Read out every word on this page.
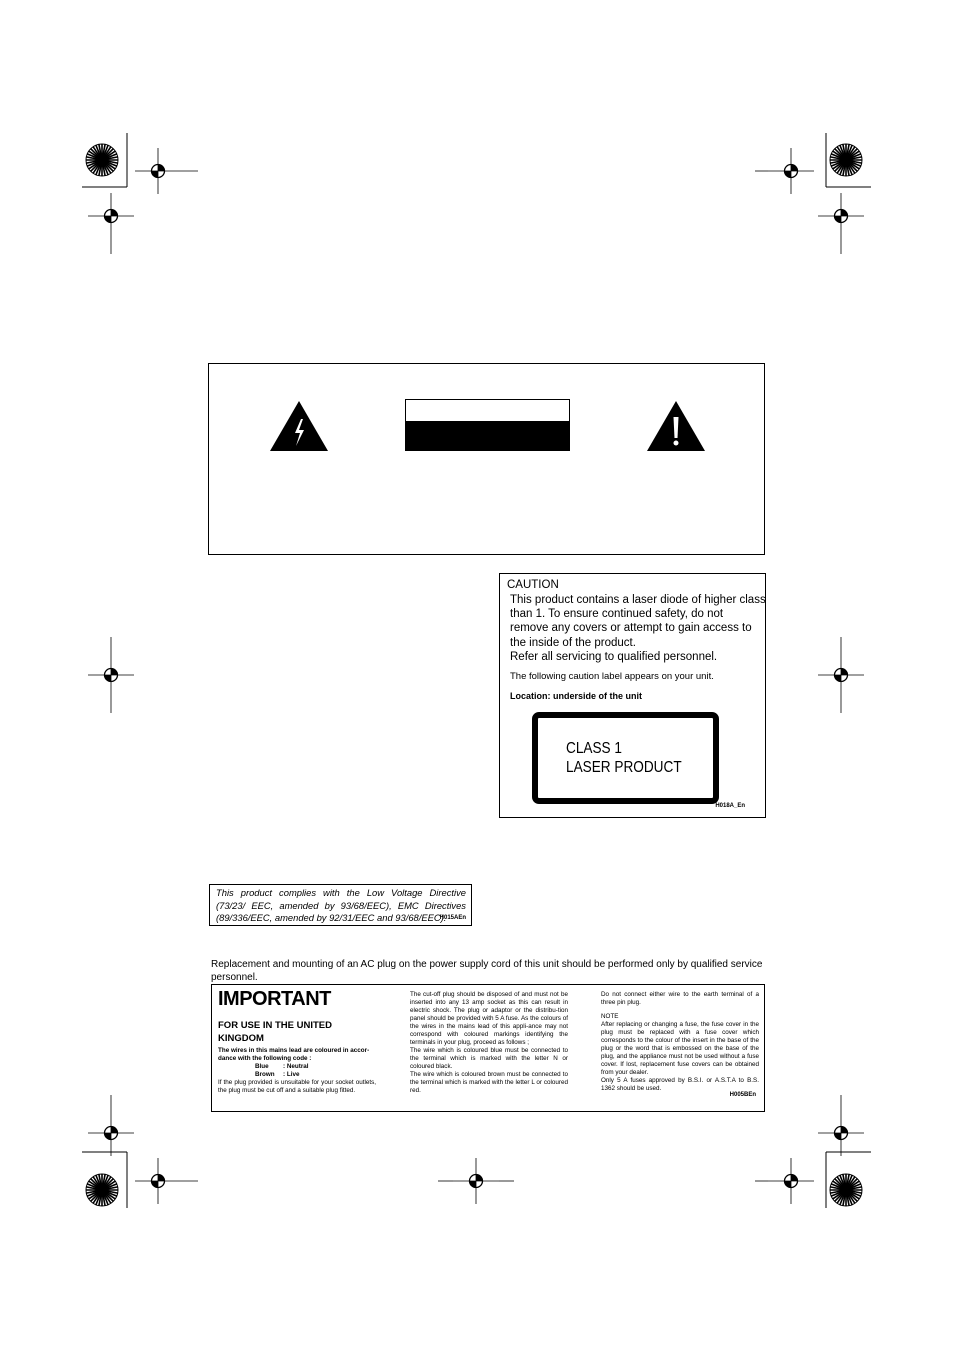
CAUTION
This product contains a laser diode of higher class
than 1. To ensure continued safety, do not
remove any covers or attempt to gain access to
the inside of the product.
Refer all servicing to qualified personnel.
The following caution label appears on your unit.
Location: underside of the unit
CLASS 1
LASER PRODUCT
H018A_En
This product complies with the Low Voltage Directive (73/23/ EEC, amended by 93/68/EEC), EMC Directives (89/336/EEC, amended by 92/31/EEC and 93/68/EEC).
H015AEn
Replacement and mounting of an AC plug on the power supply cord of this unit should be performed only by qualified service personnel.
IMPORTANT
FOR USE IN THE UNITED KINGDOM
The wires in this mains lead are coloured in accor-dance with the following code :
Blue	: Neutral
Brown	: Live
If the plug provided is unsuitable for your socket outlets, the plug must be cut off and a suitable plug fitted.
The cut-off plug should be disposed of and must not be inserted into any 13 amp socket as this can result in electric shock. The plug or adaptor or the distribu-tion panel should be provided with 5 A fuse. As the colours of the wires in the mains lead of this appli-ance may not correspond with coloured markings identifying the terminals in your plug, proceed as follows ;
The wire which is coloured blue must be connected to the terminal which is marked with the letter N or coloured black.
The wire which is coloured brown must be connected to the terminal which is marked with the letter L or coloured red.
Do not connect either wire to the earth terminal of a three pin plug.
NOTE
After replacing or changing a fuse, the fuse cover in the plug must be replaced with a fuse cover which corresponds to the colour of the insert in the base of the plug or the word that is embossed on the base of the plug, and the appliance must not be used without a fuse cover. If lost, replacement fuse covers can be obtained from your dealer.
Only 5 A fuses approved by B.S.I. or A.S.T.A to B.S. 1362 should be used.
H005BEn
